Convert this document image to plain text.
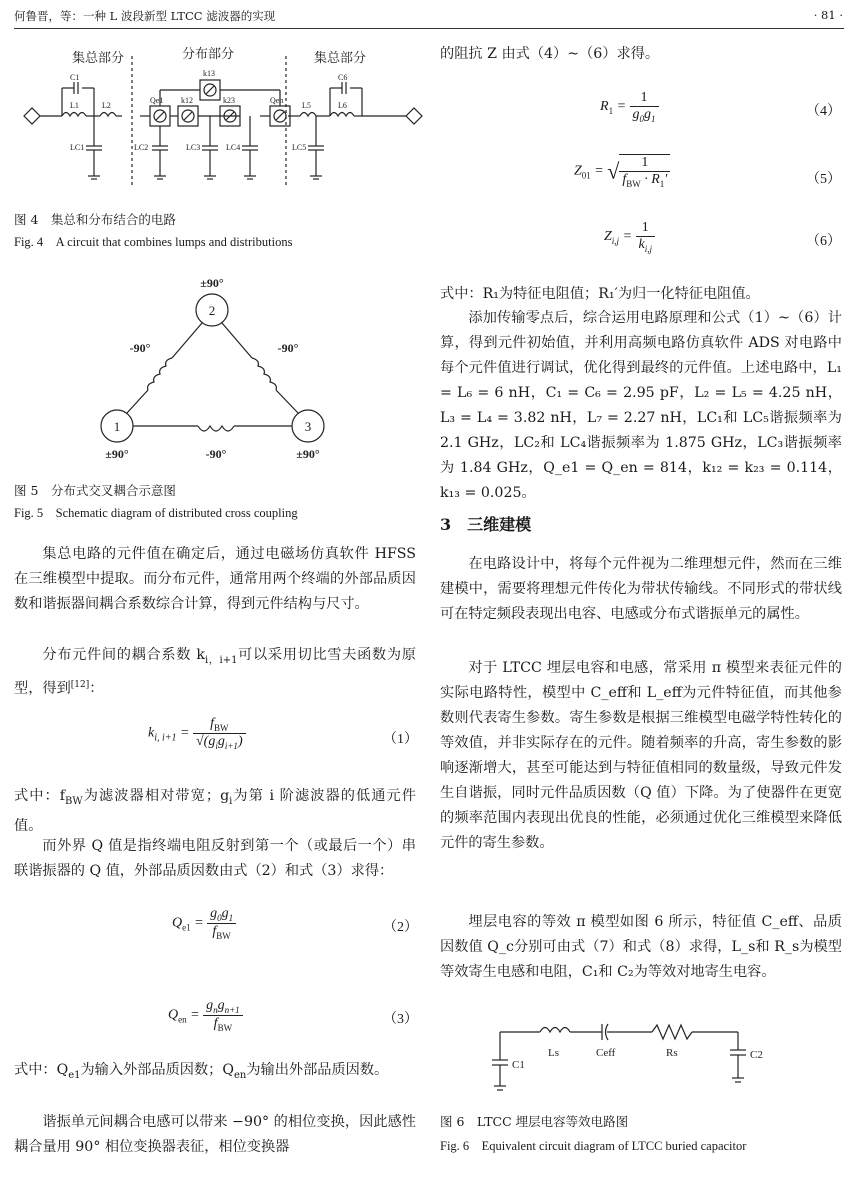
何鲁晋，等：一种 L 波段新型 LTCC 滤波器的实现	· 81 ·
集总部分	分布部分	集总部分
C1
L1	L2
Qe1
k13
k12	k23	Qen
L5	L6
C6
LC1	LC2	LC3	LC4	LC5
图 4　集总和分布结合的电路
Fig. 4　A circuit that combines lumps and distributions
2
1	3
±90°
±90°	±90°
-90°	-90°
-90°
图 5　分布式交叉耦合示意图
Fig. 5　Schematic diagram of distributed cross coupling
集总电路的元件值在确定后，通过电磁场仿真软件 HFSS 在三维模型中提取。而分布元件，通常用两个终端的外部品质因数和谐振器间耦合系数综合计算，得到元件结构与尺寸。
分布元件间的耦合系数 $k_{i,i+1}$可以采用切比雪夫函数为原型，得到[12]：
$k_{i, i+1} = \frac{f_{BW}}{√(g_ig_{i+1})}$	（1）
式中：$f_{BW}$为滤波器相对带宽；$g_i$为第 i 阶滤波器的低通元件值。
而外界 Q 值是指终端电阻反射到第一个（或最后一个）串联谐振器的 Q 值，外部品质因数由式（2）和式（3）求得：
$Q_{e1} = \frac{g_0g_1}{f_{BW}}$	（2）
$Q_{en} = \frac{g_ng_{n+1}}{f_{BW}}$	（3）
式中：$Q_{e1}$为输入外部品质因数；$Q_{en}$为输出外部品质因数。
谐振单元间耦合电感可以带来 −90° 的相位变换，因此感性耦合量用 90° 相位变换器表征，相位变换器
的阻抗 Z 由式（4）~（6）求得。
$R_1 = \frac{1}{g_0g_1}$	（4）
$Z_{01}$ = √ $\frac{1}{f_{BW} \cdot R_1'}$	（5）
$Z_{i,j} = \frac{1}{k_{i,j}}$	（6）
式中：R₁为特征电阻值；R₁′为归一化特征电阻值。
添加传输零点后，综合运用电路原理和公式（1）~（6）计算，得到元件初始值，并利用高频电路仿真软件 ADS 对电路中每个元件值进行调试，优化得到最终的元件值。上述电路中，L₁ = L₆ = 6 nH，C₁ = C₆ = 2.95 pF，L₂ = L₅ = 4.25 nH，L₃ = L₄ = 3.82 nH，L₇ = 2.27 nH，LC₁和 LC₅谐振频率为 2.1 GHz，LC₂和 LC₄谐振频率为 1.875 GHz，LC₃谐振频率为 1.84 GHz，Q_e1 = Q_en = 814，k₁₂ = k₂₃ = 0.114，k₁₃ = 0.025。
3　三维建模
在电路设计中，将每个元件视为二维理想元件，然而在三维建模中，需要将理想元件传化为带状传输线。不同形式的带状线可在特定频段表现出电容、电感或分布式谐振单元的属性。
对于 LTCC 埋层电容和电感，常采用 π 模型来表征元件的实际电路特性，模型中 C_eff和 L_eff为元件特征值，而其他参数则代表寄生参数。寄生参数是根据三维模型电磁学特性转化的等效值，并非实际存在的元件。随着频率的升高，寄生参数的影响逐渐增大，甚至可能达到与特征值相同的数量级，导致元件发生自谐振，同时元件品质因数（Q 值）下降。为了使器件在更宽的频率范围内表现出优良的性能，必须通过优化三维模型来降低元件的寄生参数。
埋层电容的等效 π 模型如图 6 所示，特征值 C_eff、品质因数值 Q_c分别可由式（7）和式（8）求得，L_s和 R_s为模型等效寄生电感和电阻，C₁和 C₂为等效对地寄生电容。
Ls	Ceff	Rs
C1
C2
图 6　LTCC 埋层电容等效电路图
Fig. 6　Equivalent circuit diagram of LTCC buried capacitor
